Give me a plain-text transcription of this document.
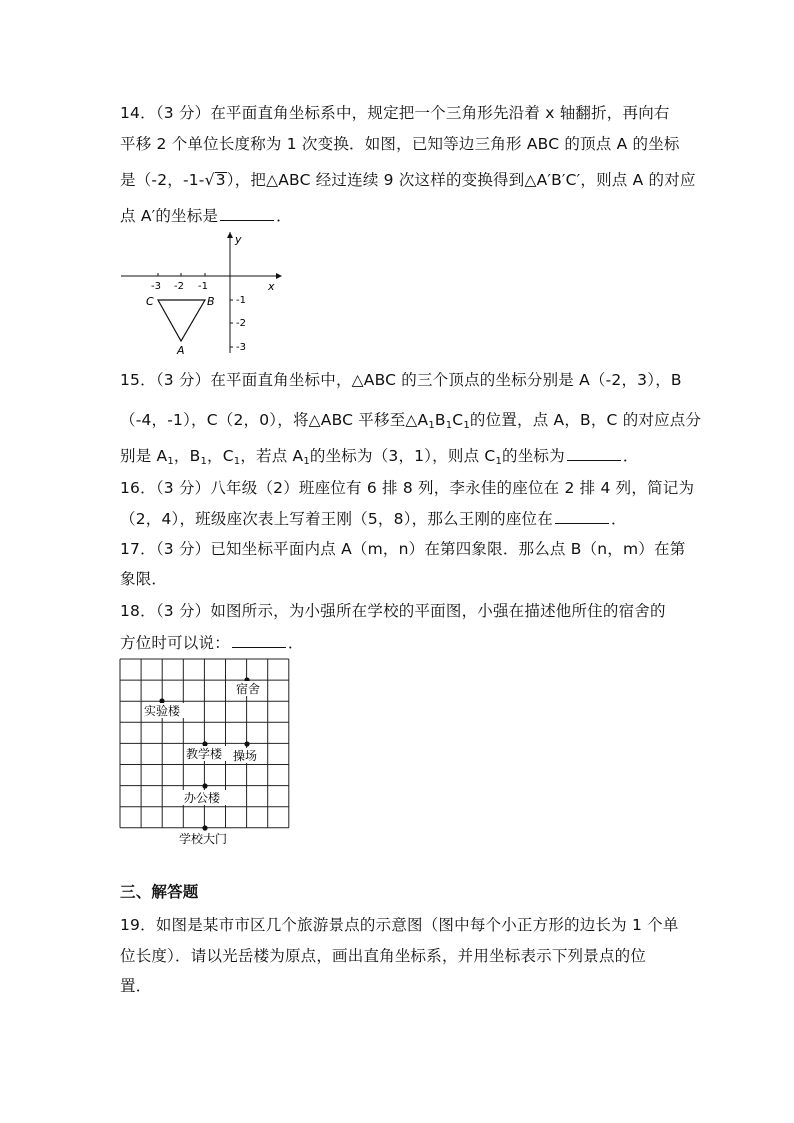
14．（3 分）在平面直角坐标系中，规定把一个三角形先沿着 x 轴翻折，再向右
平移 2 个单位长度称为 1 次变换．如图，已知等边三角形 ABC 的顶点 A 的坐标
是（-2，-1-√3），把△ABC 经过连续 9 次这样的变换得到△A′B′C′，则点 A 的对应
点 A′的坐标是	．
y
x
-3 -2 -1
-1
-2
-3
C	B
A
15．（3 分）在平面直角坐标中，△ABC 的三个顶点的坐标分别是 A（-2，3），B
（-4，-1），C（2，0），将△ABC 平移至$\triangle A_1B_1C_1$的位置，点 A，B，C 的对应点分
别是 $A_1$，$B_1$，$C_1$，若点 $A_1$的坐标为（3，1），则点 $C_1$的坐标为	．
16．（3 分）八年级（2）班座位有 6 排 8 列，李永佳的座位在 2 排 4 列，简记为
（2，4），班级座次表上写着王刚（5，8），那么王刚的座位在	．
17．（3 分）已知坐标平面内点 A（m，n）在第四象限．那么点 B（n，m）在第
象限．
18．（3 分）如图所示，为小强所在学校的平面图，小强在描述他所住的宿舍的
方位时可以说：	．
宿舍
实验楼
教学楼 操场
办公楼
学校大门
三、解答题
19．如图是某市市区几个旅游景点的示意图（图中每个小正方形的边长为 1 个单
位长度）．请以光岳楼为原点，画出直角坐标系，并用坐标表示下列景点的位
置．
